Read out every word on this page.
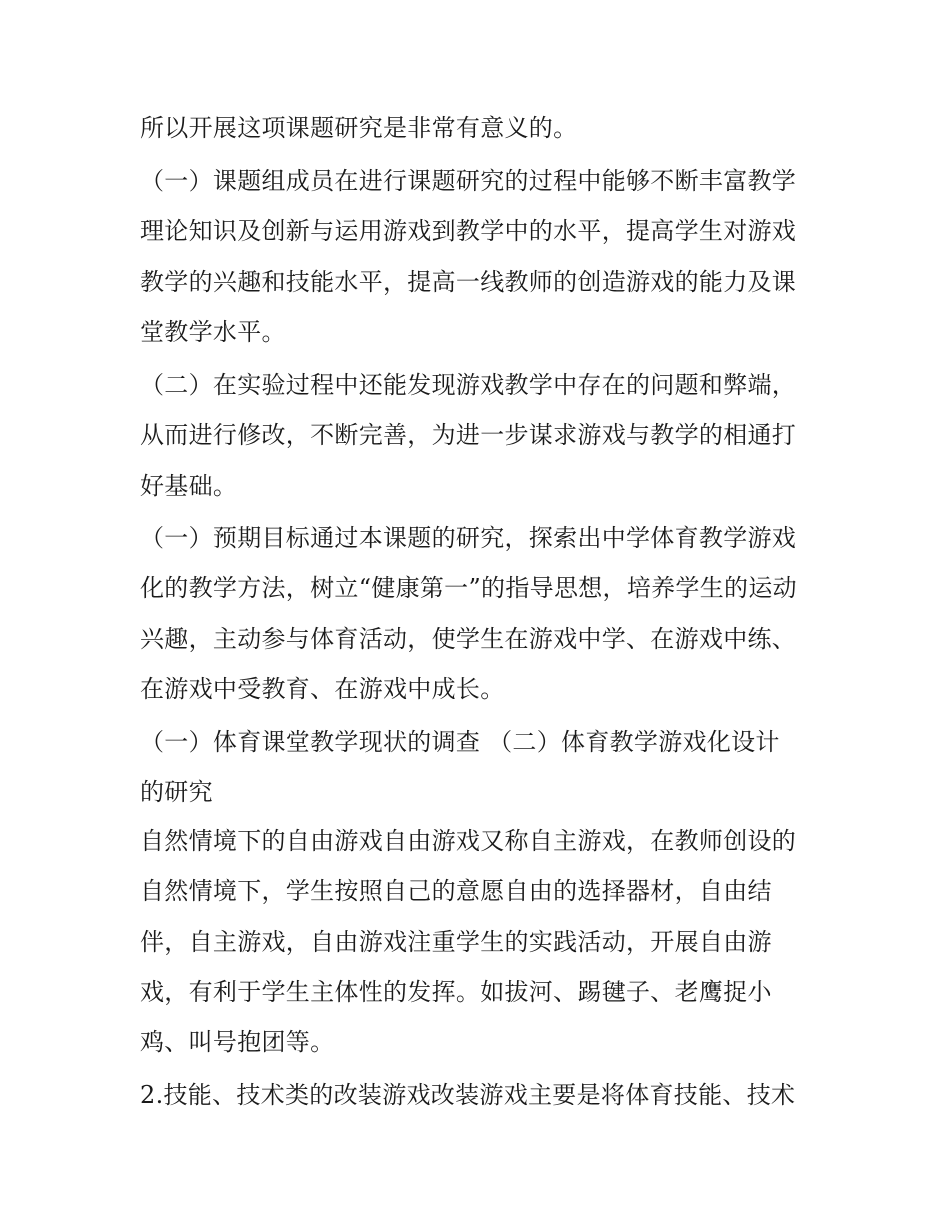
所以开展这项课题研究是非常有意义的。
（一）课题组成员在进行课题研究的过程中能够不断丰富教学
理论知识及创新与运用游戏到教学中的水平，提高学生对游戏
教学的兴趣和技能水平，提高一线教师的创造游戏的能力及课
堂教学水平。
（二）在实验过程中还能发现游戏教学中存在的问题和弊端，
从而进行修改，不断完善，为进一步谋求游戏与教学的相通打
好基础。
（一）预期目标通过本课题的研究，探索出中学体育教学游戏
化的教学方法，树立“健康第一”的指导思想，培养学生的运动
兴趣，主动参与体育活动，使学生在游戏中学、在游戏中练、
在游戏中受教育、在游戏中成长。
（一）体育课堂教学现状的调查 （二）体育教学游戏化设计
的研究
自然情境下的自由游戏自由游戏又称自主游戏，在教师创设的
自然情境下，学生按照自己的意愿自由的选择器材，自由结
伴，自主游戏，自由游戏注重学生的实践活动，开展自由游
戏，有利于学生主体性的发挥。如拔河、踢毽子、老鹰捉小
鸡、叫号抱团等。
2.技能、技术类的改装游戏改装游戏主要是将体育技能、技术
